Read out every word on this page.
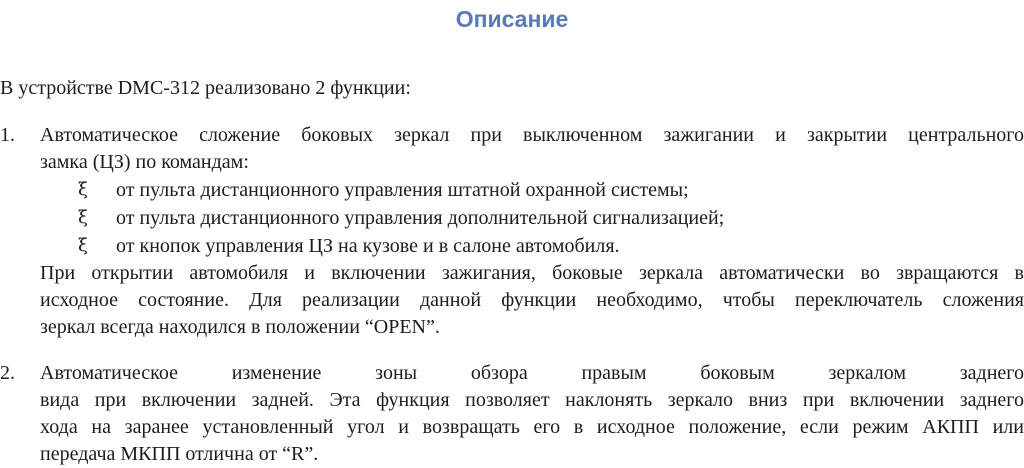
Описание
В устройстве DMC-312 реализовано 2 функции:
1. Автоматическое сложение боковых зеркал при выключенном зажигании и закрытии центрального
замка (ЦЗ) по командам:
ξ от пульта дистанционного управления штатной охранной системы;
ξ от пульта дистанционного управления дополнительной сигнализацией;
ξ от кнопок управления ЦЗ на кузове и в салоне автомобиля.
При открытии автомобиля и включении зажигания, боковые зеркала автоматически во звращаются в
исходное состояние. Для реализации данной функции необходимо, чтобы переключатель сложения
зеркал всегда находился в положении “OPEN”.
2. Автоматическое изменение зоны обзора правым боковым зеркалом заднего
вида при включении задней. Эта функция позволяет наклонять зеркало вниз при включении заднего
хода на заранее установленный угол и возвращать его в исходное положение, если режим АКПП или
передача МКПП отлична от “R”.
